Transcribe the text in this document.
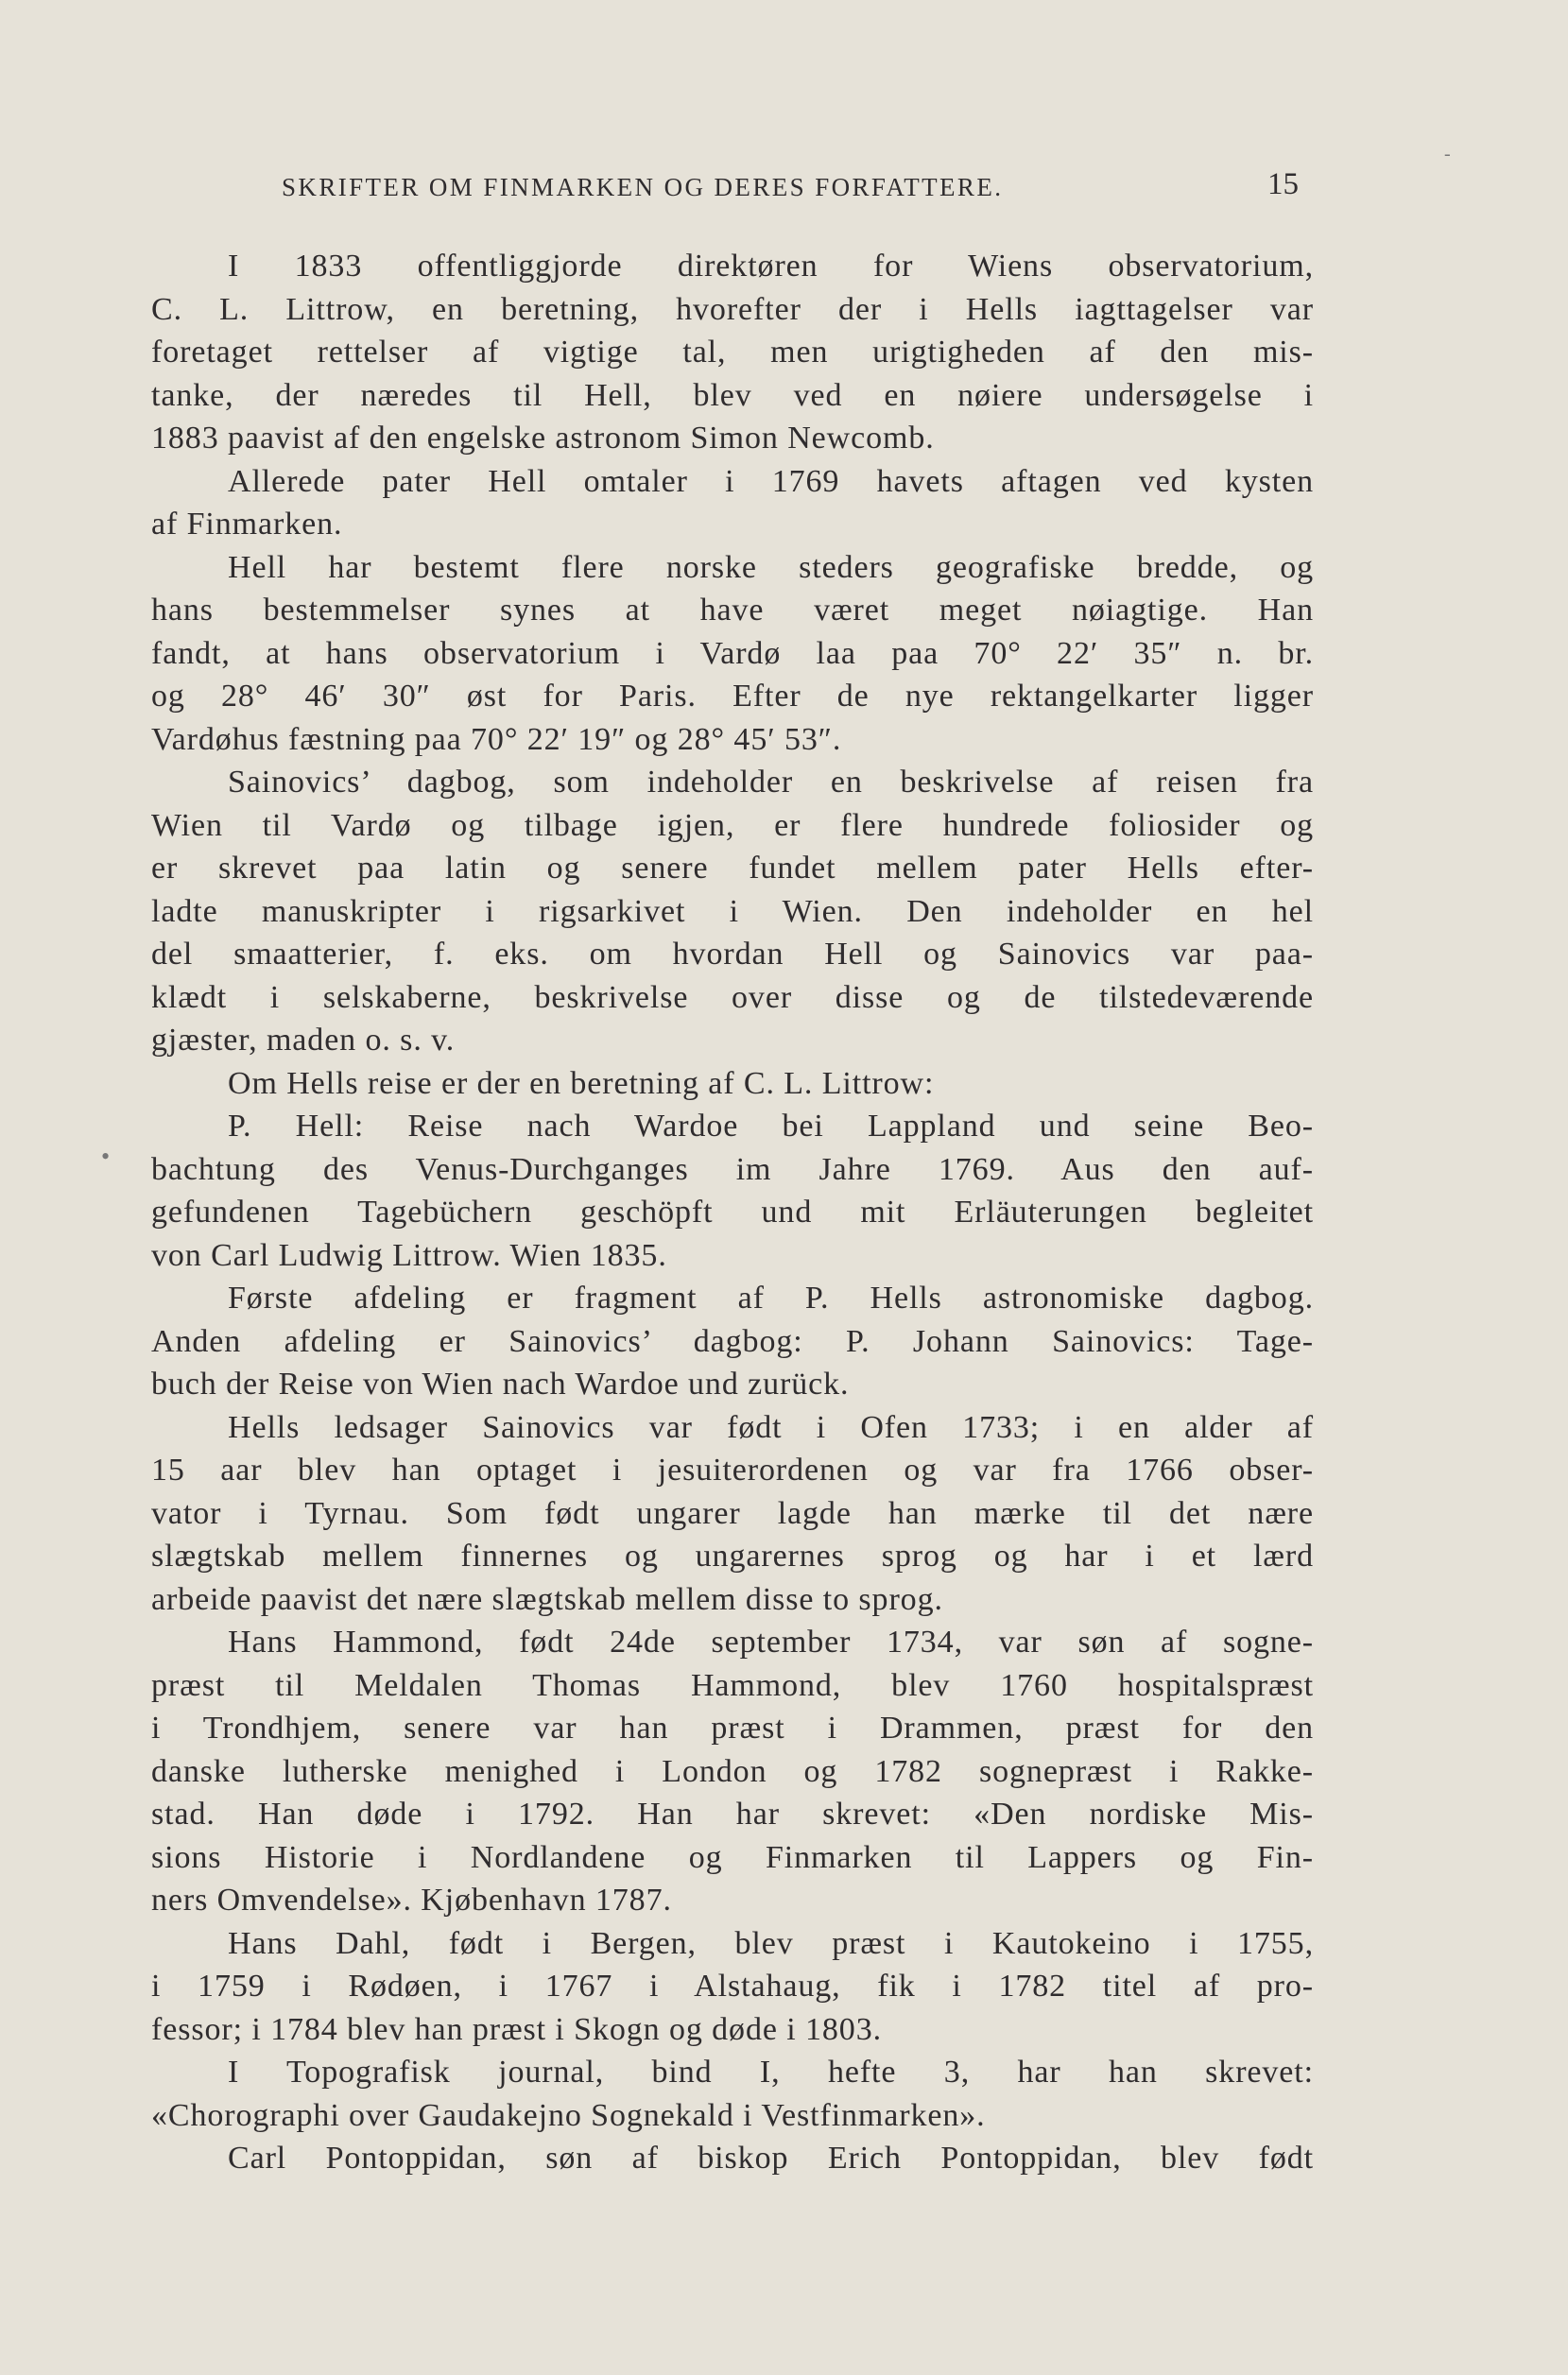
SKRIFTER OM FINMARKEN OG DERES FORFATTERE.	15
‑
•
I 1833 offentliggjorde direktøren for Wiens observatorium,
C. L. Littrow, en beretning, hvorefter der i Hells iagttagelser var
foretaget rettelser af vigtige tal, men urigtigheden af den mis-
tanke, der næredes til Hell, blev ved en nøiere undersøgelse i
1883 paavist af den engelske astronom Simon Newcomb.
Allerede pater Hell omtaler i 1769 havets aftagen ved kysten
af Finmarken.
Hell har bestemt flere norske steders geografiske bredde, og
hans bestemmelser synes at have været meget nøiagtige. Han
fandt, at hans observatorium i Vardø laa paa 70° 22′ 35″ n. br.
og 28° 46′ 30″ øst for Paris. Efter de nye rektangelkarter ligger
Vardøhus fæstning paa 70° 22′ 19″ og 28° 45′ 53″.
Sainovics’ dagbog, som indeholder en beskrivelse af reisen fra
Wien til Vardø og tilbage igjen, er flere hundrede foliosider og
er skrevet paa latin og senere fundet mellem pater Hells efter-
ladte manuskripter i rigsarkivet i Wien. Den indeholder en hel
del smaatterier, f. eks. om hvordan Hell og Sainovics var paa-
klædt i selskaberne, beskrivelse over disse og de tilstedeværende
gjæster, maden o. s. v.
Om Hells reise er der en beretning af C. L. Littrow:
P. Hell: Reise nach Wardoe bei Lappland und seine Beo-
bachtung des Venus-Durchganges im Jahre 1769. Aus den auf-
gefundenen Tagebüchern geschöpft und mit Erläuterungen begleitet
von Carl Ludwig Littrow. Wien 1835.
Første afdeling er fragment af P. Hells astronomiske dagbog.
Anden afdeling er Sainovics’ dagbog: P. Johann Sainovics: Tage-
buch der Reise von Wien nach Wardoe und zurück.
Hells ledsager Sainovics var født i Ofen 1733; i en alder af
15 aar blev han optaget i jesuiterordenen og var fra 1766 obser-
vator i Tyrnau. Som født ungarer lagde han mærke til det nære
slægtskab mellem finnernes og ungarernes sprog og har i et lærd
arbeide paavist det nære slægtskab mellem disse to sprog.
Hans Hammond, født 24de september 1734, var søn af sogne-
præst til Meldalen Thomas Hammond, blev 1760 hospitalspræst
i Trondhjem, senere var han præst i Drammen, præst for den
danske lutherske menighed i London og 1782 sognepræst i Rakke-
stad. Han døde i 1792. Han har skrevet: «Den nordiske Mis-
sions Historie i Nordlandene og Finmarken til Lappers og Fin-
ners Omvendelse». Kjøbenhavn 1787.
Hans Dahl, født i Bergen, blev præst i Kautokeino i 1755,
i 1759 i Rødøen, i 1767 i Alstahaug, fik i 1782 titel af pro-
fessor; i 1784 blev han præst i Skogn og døde i 1803.
I Topografisk journal, bind I, hefte 3, har han skrevet:
«Chorographi over Gaudakejno Sognekald i Vestfinmarken».
Carl Pontoppidan, søn af biskop Erich Pontoppidan, blev født
